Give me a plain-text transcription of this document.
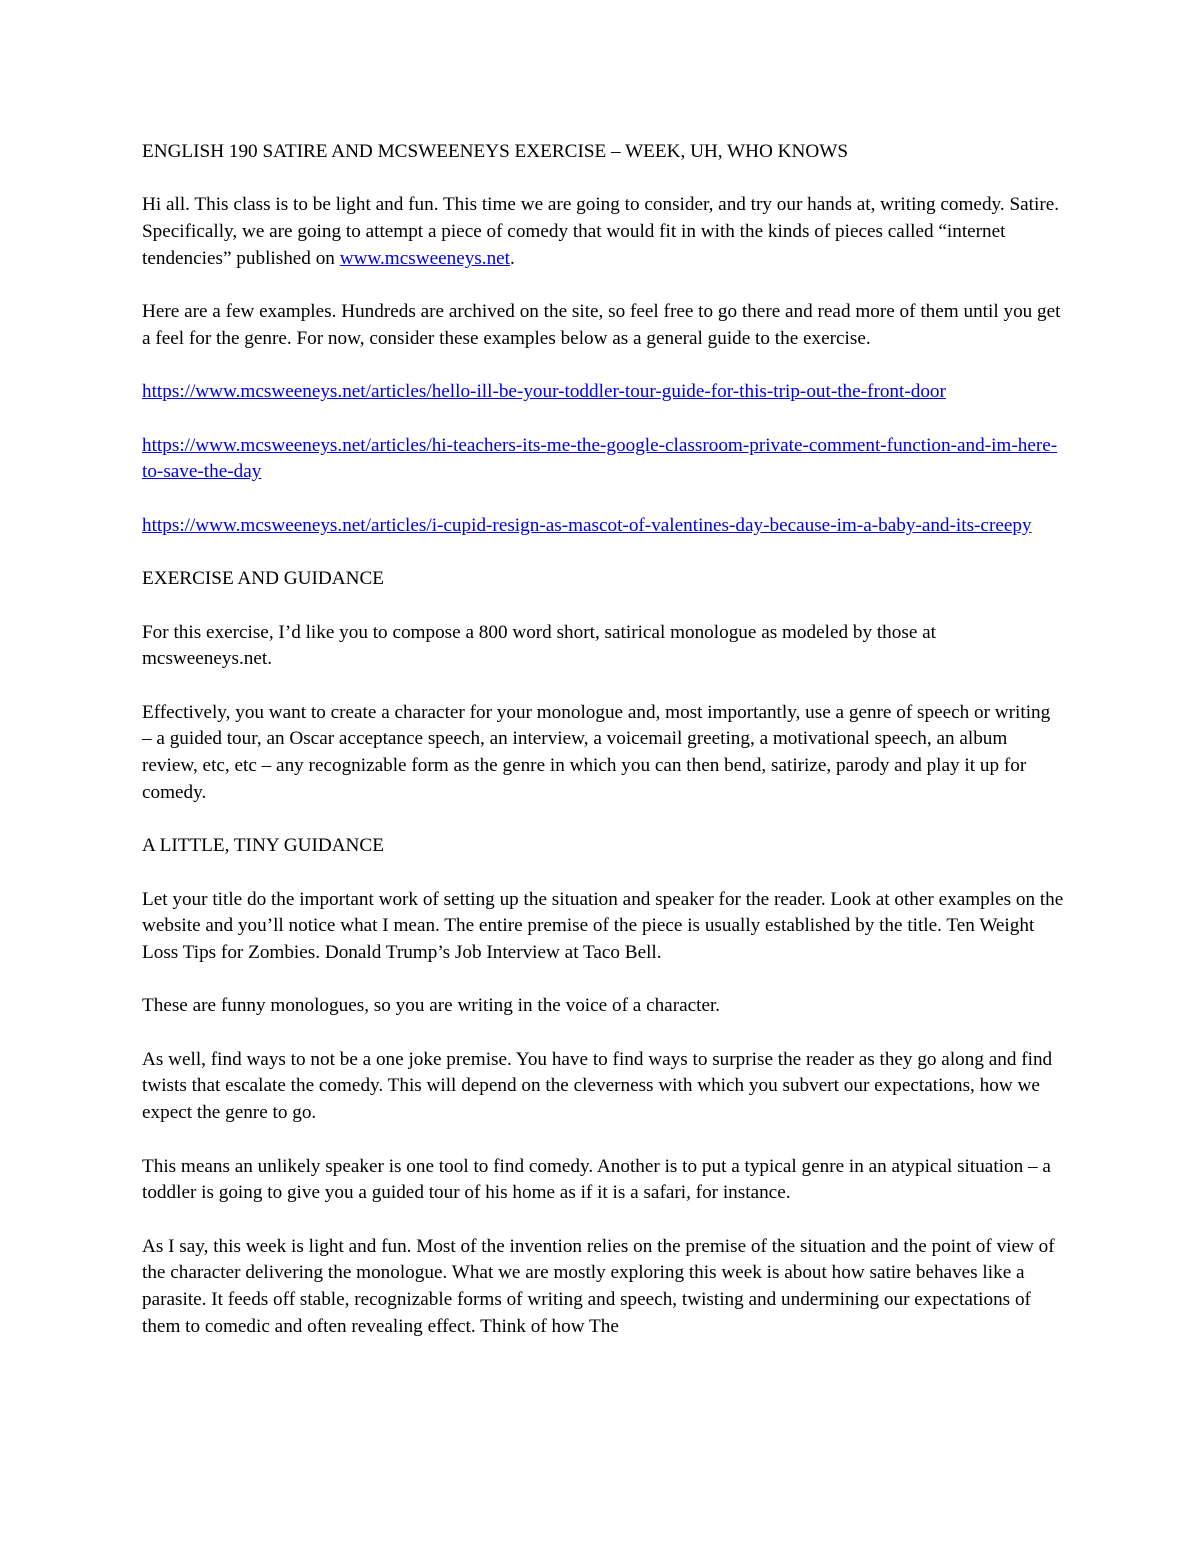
ENGLISH 190 SATIRE AND MCSWEENEYS EXERCISE – WEEK, UH, WHO KNOWS

Hi all. This class is to be light and fun. This time we are going to consider, and try our hands at, writing comedy. Satire. Specifically, we are going to attempt a piece of comedy that would fit in with the kinds of pieces called “internet tendencies” published on www.mcsweeneys.net.

Here are a few examples. Hundreds are archived on the site, so feel free to go there and read more of them until you get a feel for the genre. For now, consider these examples below as a general guide to the exercise.

https://www.mcsweeneys.net/articles/hello-ill-be-your-toddler-tour-guide-for-this-trip-out-the-front-door

https://www.mcsweeneys.net/articles/hi-teachers-its-me-the-google-classroom-private-comment-function-and-im-here-to-save-the-day

https://www.mcsweeneys.net/articles/i-cupid-resign-as-mascot-of-valentines-day-because-im-a-baby-and-its-creepy

EXERCISE AND GUIDANCE

For this exercise, I’d like you to compose a 800 word short, satirical monologue as modeled by those at mcsweeneys.net.

Effectively, you want to create a character for your monologue and, most importantly, use a genre of speech or writing – a guided tour, an Oscar acceptance speech, an interview, a voicemail greeting, a motivational speech, an album review, etc, etc – any recognizable form as the genre in which you can then bend, satirize, parody and play it up for comedy.

A LITTLE, TINY GUIDANCE

Let your title do the important work of setting up the situation and speaker for the reader. Look at other examples on the website and you’ll notice what I mean. The entire premise of the piece is usually established by the title. Ten Weight Loss Tips for Zombies. Donald Trump’s Job Interview at Taco Bell.

These are funny monologues, so you are writing in the voice of a character.

As well, find ways to not be a one joke premise. You have to find ways to surprise the reader as they go along and find twists that escalate the comedy. This will depend on the cleverness with which you subvert our expectations, how we expect the genre to go.

This means an unlikely speaker is one tool to find comedy. Another is to put a typical genre in an atypical situation – a toddler is going to give you a guided tour of his home as if it is a safari, for instance.

As I say, this week is light and fun. Most of the invention relies on the premise of the situation and the point of view of the character delivering the monologue. What we are mostly exploring this week is about how satire behaves like a parasite. It feeds off stable, recognizable forms of writing and speech, twisting and undermining our expectations of them to comedic and often revealing effect. Think of how The
